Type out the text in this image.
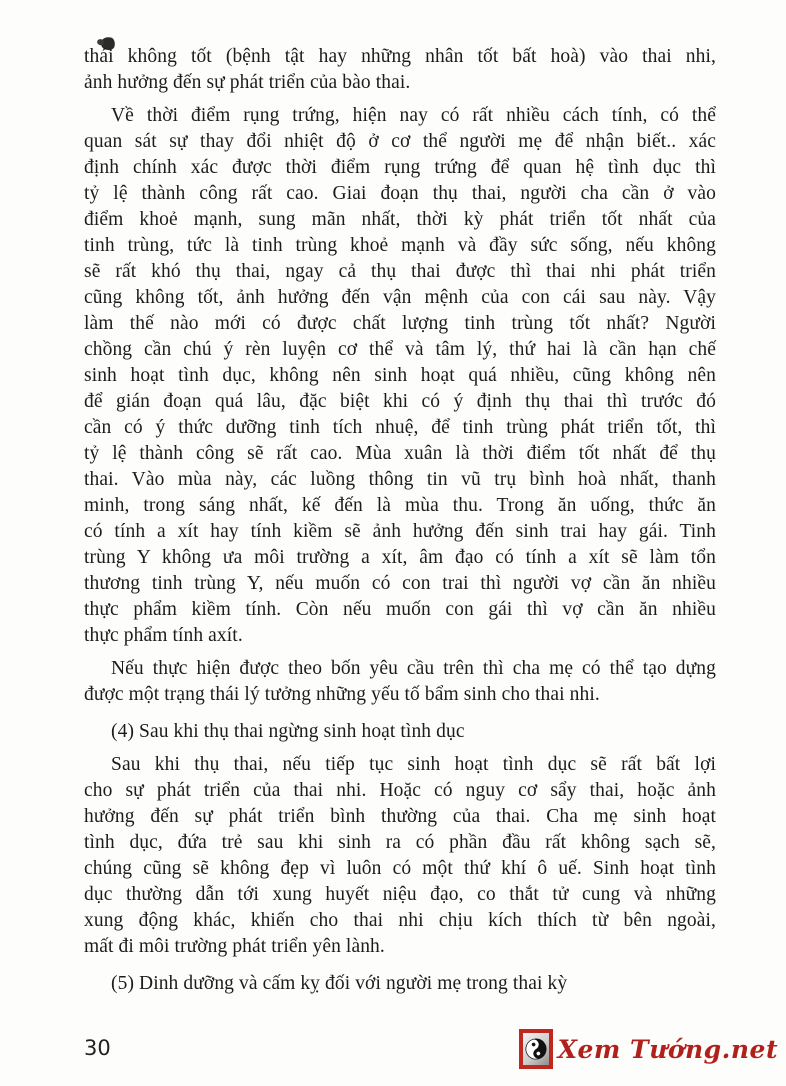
thái không tốt (bệnh tật hay những nhân tốt bất hoà) vào thai nhi,
ảnh hưởng đến sự phát triển của bào thai.
Về thời điểm rụng trứng, hiện nay có rất nhiều cách tính, có thể
quan sát sự thay đổi nhiệt độ ở cơ thể người mẹ để nhận biết.. xác
định chính xác được thời điểm rụng trứng để quan hệ tình dục thì
tỷ lệ thành công rất cao. Giai đoạn thụ thai, người cha cần ở vào
điểm khoẻ mạnh, sung mãn nhất, thời kỳ phát triển tốt nhất của
tinh trùng, tức là tinh trùng khoẻ mạnh và đầy sức sống, nếu không
sẽ rất khó thụ thai, ngay cả thụ thai được thì thai nhi phát triển
cũng không tốt, ảnh hưởng đến vận mệnh của con cái sau này. Vậy
làm thế nào mới có được chất lượng tinh trùng tốt nhất? Người
chồng cần chú ý rèn luyện cơ thể và tâm lý, thứ hai là cần hạn chế
sinh hoạt tình dục, không nên sinh hoạt quá nhiều, cũng không nên
để gián đoạn quá lâu, đặc biệt khi có ý định thụ thai thì trước đó
cần có ý thức dưỡng tinh tích nhuệ, để tinh trùng phát triển tốt, thì
tỷ lệ thành công sẽ rất cao. Mùa xuân là thời điểm tốt nhất để thụ
thai. Vào mùa này, các luồng thông tin vũ trụ bình hoà nhất, thanh
minh, trong sáng nhất, kế đến là mùa thu. Trong ăn uống, thức ăn
có tính a xít hay tính kiềm sẽ ảnh hưởng đến sinh trai hay gái. Tinh
trùng Y không ưa môi trường a xít, âm đạo có tính a xít sẽ làm tổn
thương tinh trùng Y, nếu muốn có con trai thì người vợ cần ăn nhiều
thực phẩm kiềm tính. Còn nếu muốn con gái thì vợ cần ăn nhiều
thực phẩm tính axít.
Nếu thực hiện được theo bốn yêu cầu trên thì cha mẹ có thể tạo dựng
được một trạng thái lý tưởng những yếu tố bẩm sinh cho thai nhi.
(4) Sau khi thụ thai ngừng sinh hoạt tình dục
Sau khi thụ thai, nếu tiếp tục sinh hoạt tình dục sẽ rất bất lợi
cho sự phát triển của thai nhi. Hoặc có nguy cơ sẩy thai, hoặc ảnh
hưởng đến sự phát triển bình thường của thai. Cha mẹ sinh hoạt
tình dục, đứa trẻ sau khi sinh ra có phần đầu rất không sạch sẽ,
chúng cũng sẽ không đẹp vì luôn có một thứ khí ô uế. Sinh hoạt tình
dục thường dẫn tới xung huyết niệu đạo, co thắt tử cung và những
xung động khác, khiến cho thai nhi chịu kích thích từ bên ngoài,
mất đi môi trường phát triển yên lành.
(5) Dinh dưỡng và cấm kỵ đối với người mẹ trong thai kỳ
30	Xem Tướng.net
